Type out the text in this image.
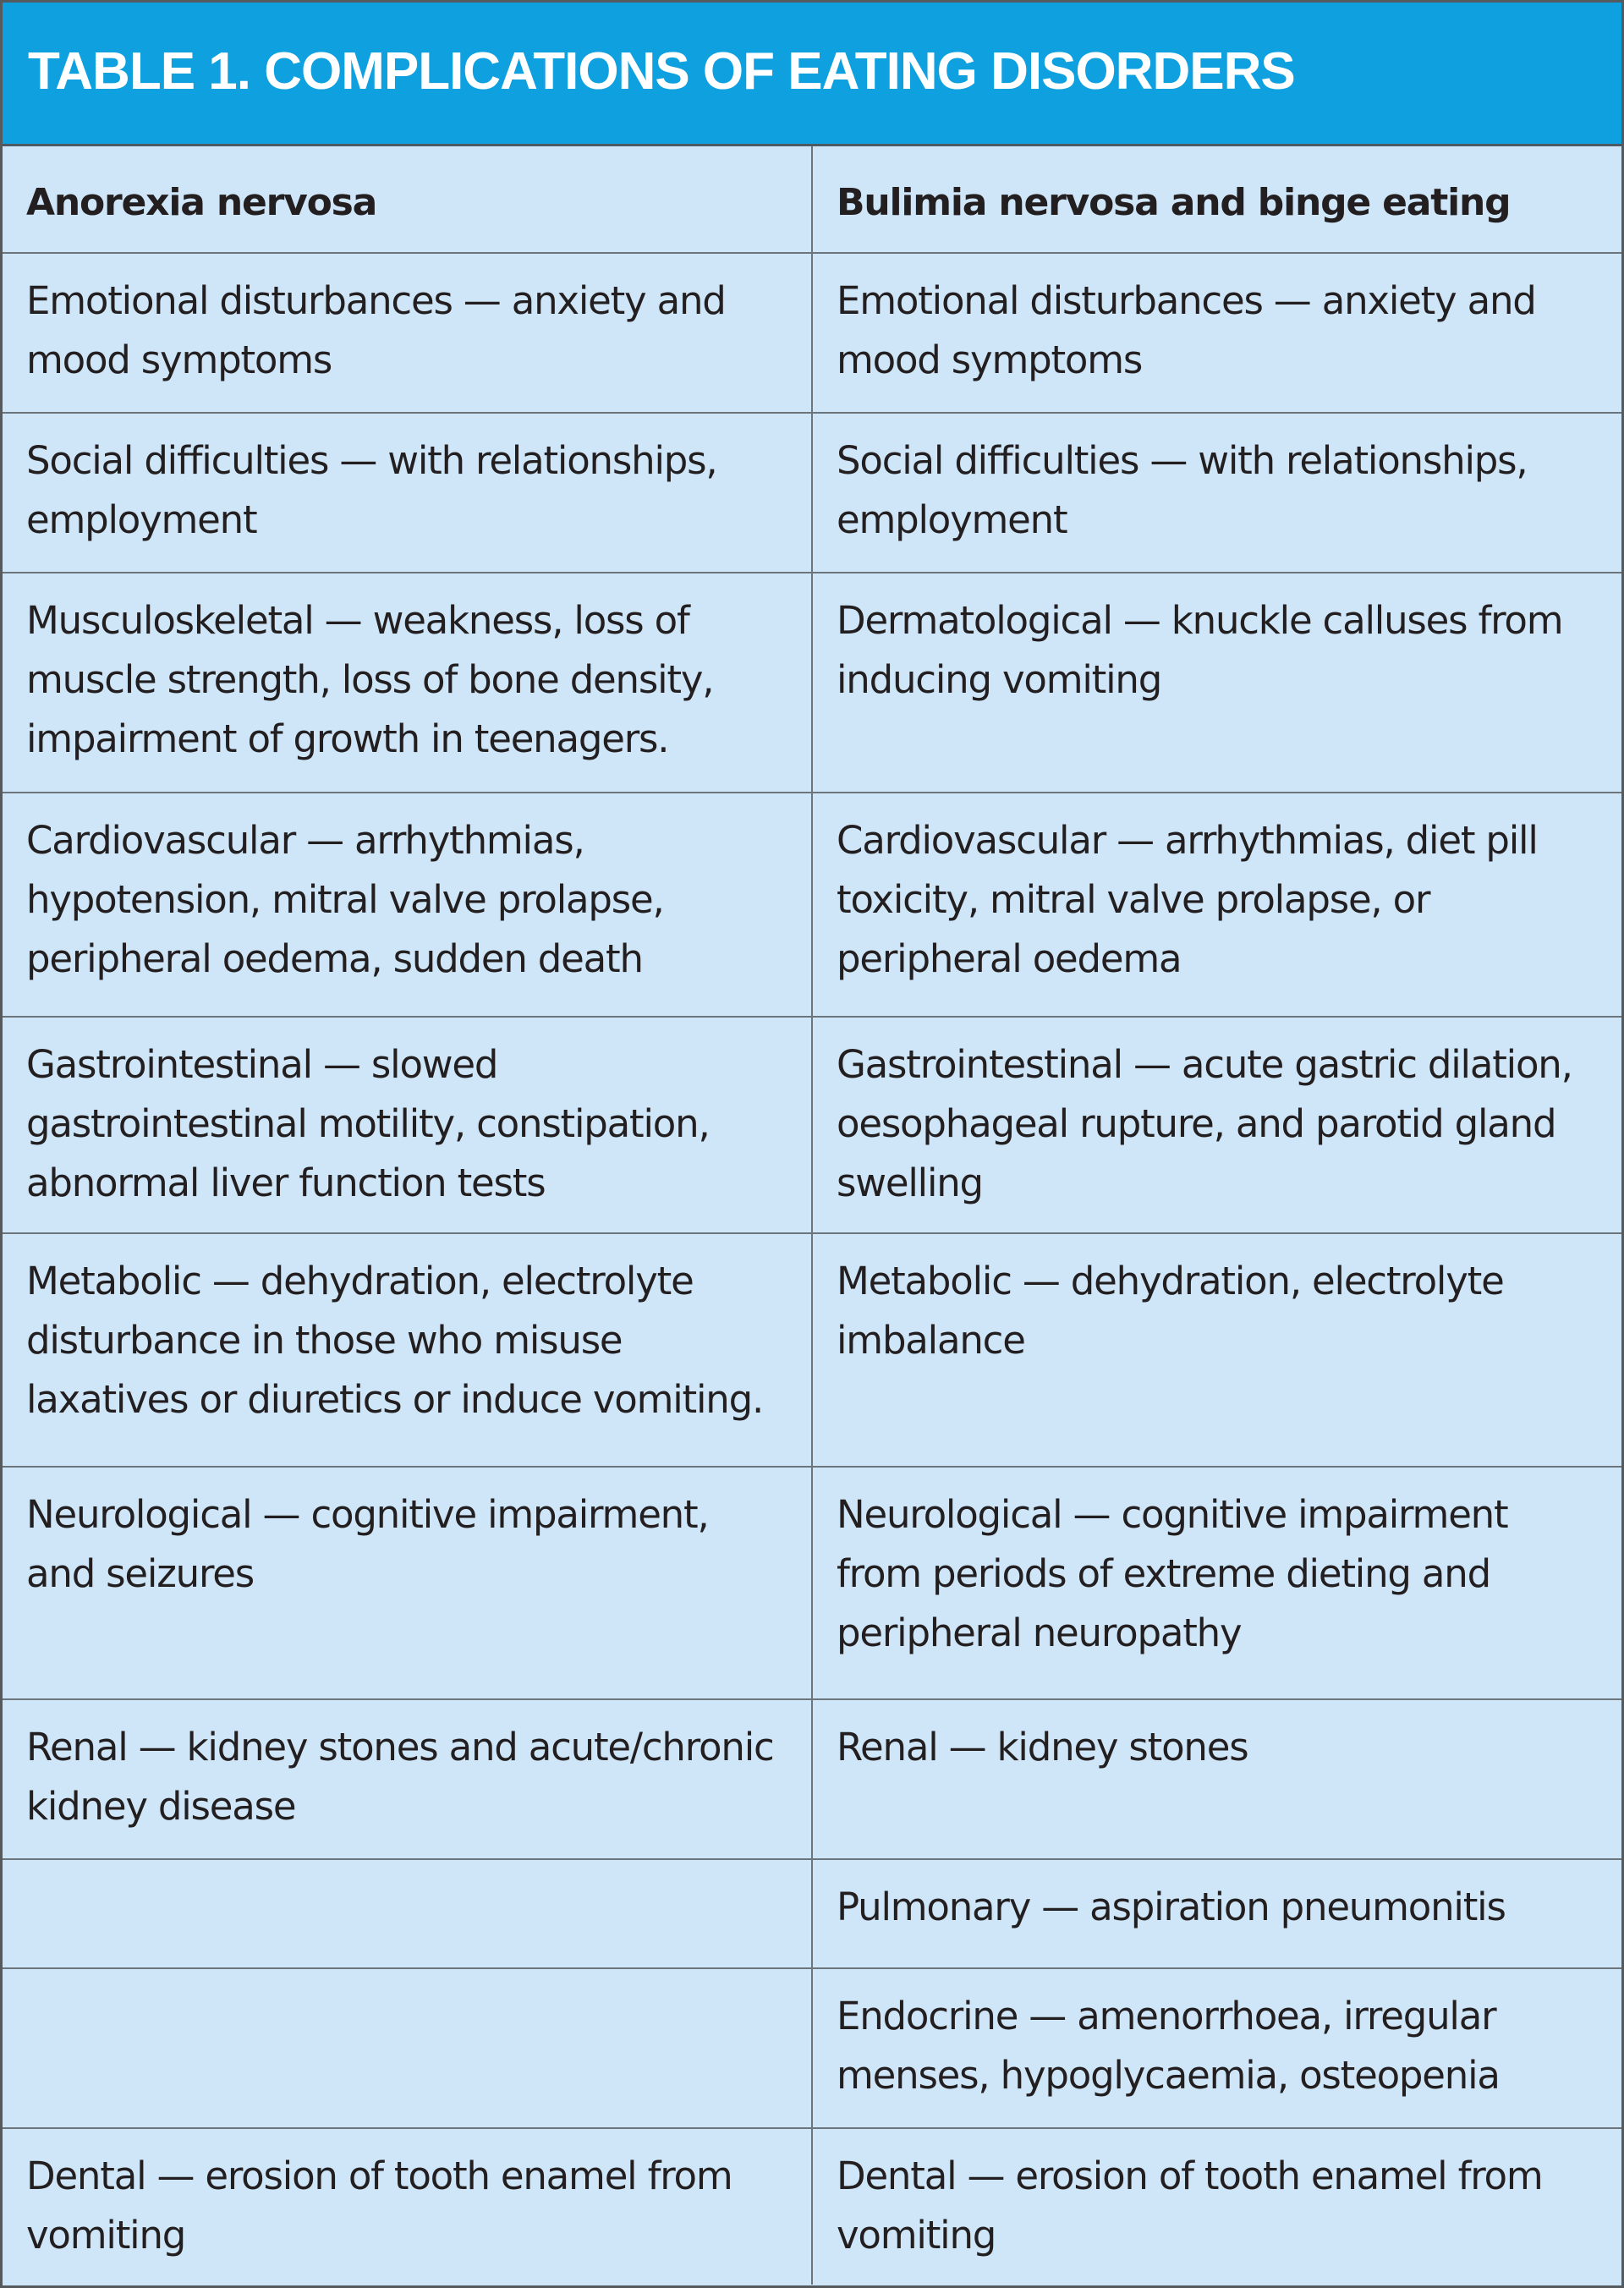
TABLE 1. COMPLICATIONS OF EATING DISORDERS
Anorexia nervosa	Bulimia nervosa and binge eating
Emotional disturbances — anxiety and mood symptoms
Emotional disturbances — anxiety and mood symptoms
Social difficulties — with relationships, employment
Social difficulties — with relationships, employment
Musculoskeletal — weakness, loss of muscle strength, loss of bone density, impairment of growth in teenagers.
Dermatological — knuckle calluses from inducing vomiting
Cardiovascular — arrhythmias, hypotension, mitral valve prolapse, peripheral oedema, sudden death
Cardiovascular — arrhythmias, diet pill toxicity, mitral valve prolapse, or peripheral oedema
Gastrointestinal — slowed gastrointestinal motility, constipation, abnormal liver function tests
Gastrointestinal — acute gastric dilation, oesophageal rupture, and parotid gland swelling
Metabolic — dehydration, electrolyte disturbance in those who misuse laxatives or diuretics or induce vomiting.
Metabolic — dehydration, electrolyte imbalance
Neurological — cognitive impairment, and seizures
Neurological — cognitive impairment from periods of extreme dieting and peripheral neuropathy
Renal — kidney stones and acute/chronic kidney disease
Renal — kidney stones
Pulmonary — aspiration pneumonitis
Endocrine — amenorrhoea, irregular menses, hypoglycaemia, osteopenia
Dental — erosion of tooth enamel from vomiting
Dental — erosion of tooth enamel from vomiting
